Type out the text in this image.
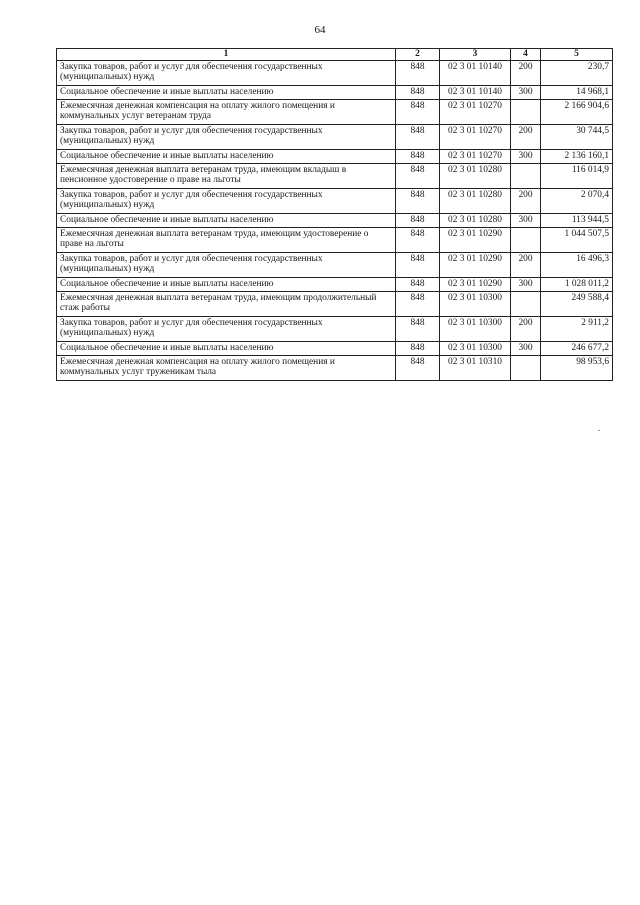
64
1	2	3	4	5
Закупка товаров, работ и услуг для обеспечения государственных (муниципальных) нужд	848	02 3 01 10140	200	230,7
Социальное обеспечение и иные выплаты населению	848	02 3 01 10140	300	14 968,1
Ежемесячная денежная компенсация на оплату жилого помещения и коммунальных услуг ветеранам труда	848	02 3 01 10270		2 166 904,6
Закупка товаров, работ и услуг для обеспечения государственных (муниципальных) нужд	848	02 3 01 10270	200	30 744,5
Социальное обеспечение и иные выплаты населению	848	02 3 01 10270	300	2 136 160,1
Ежемесячная денежная выплата ветеранам труда, имеющим вкладыш в пенсионное удостоверение о праве на льготы	848	02 3 01 10280		116 014,9
Закупка товаров, работ и услуг для обеспечения государственных (муниципальных) нужд	848	02 3 01 10280	200	2 070,4
Социальное обеспечение и иные выплаты населению	848	02 3 01 10280	300	113 944,5
Ежемесячная денежная выплата ветеранам труда, имеющим удостоверение о праве на льготы	848	02 3 01 10290		1 044 507,5
Закупка товаров, работ и услуг для обеспечения государственных (муниципальных) нужд	848	02 3 01 10290	200	16 496,3
Социальное обеспечение и иные выплаты населению	848	02 3 01 10290	300	1 028 011,2
Ежемесячная денежная выплата ветеранам труда, имеющим продолжительный стаж работы	848	02 3 01 10300		249 588,4
Закупка товаров, работ и услуг для обеспечения государственных (муниципальных) нужд	848	02 3 01 10300	200	2 911,2
Социальное обеспечение и иные выплаты населению	848	02 3 01 10300	300	246 677,2
Ежемесячная денежная компенсация на оплату жилого помещения и коммунальных услуг труженикам тыла	848	02 3 01 10310		98 953,6
